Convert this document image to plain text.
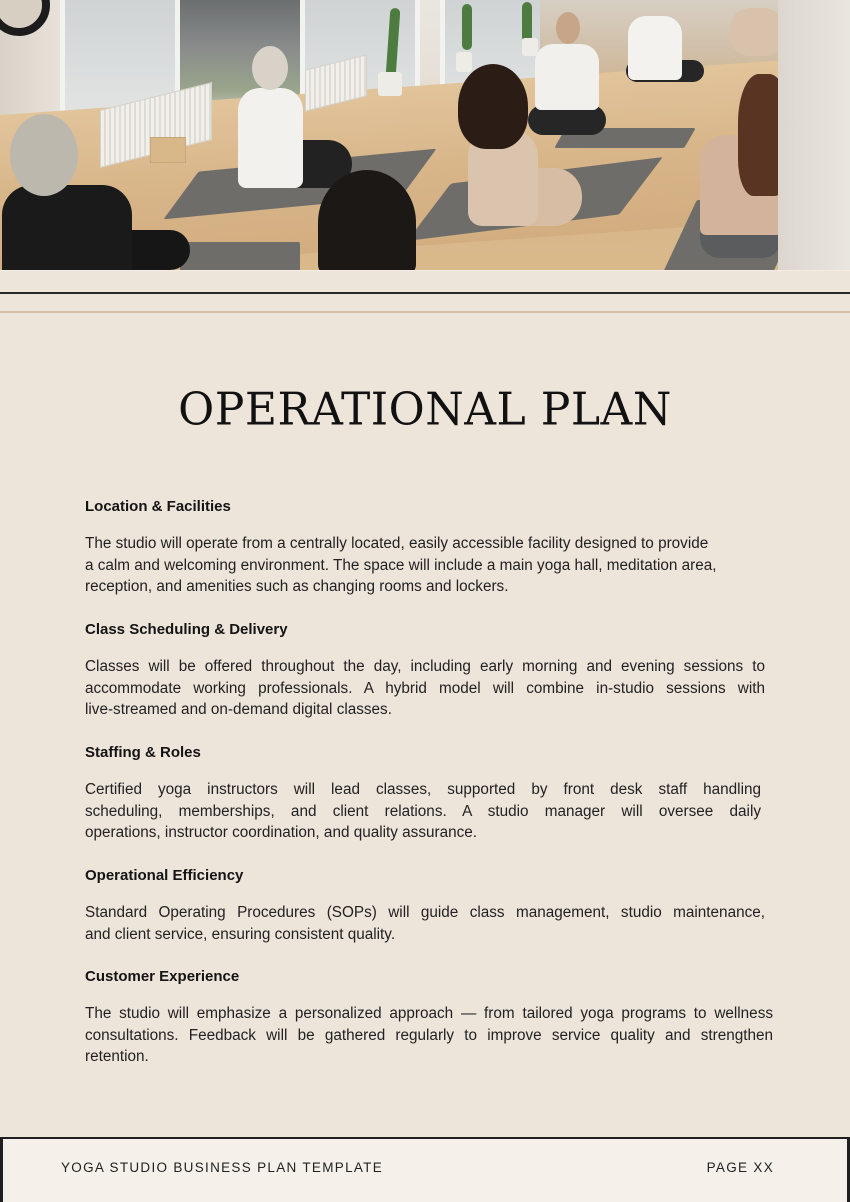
OPERATIONAL PLAN
Location & Facilities

The studio will operate from a centrally located, easily accessible facility designed to provide
a calm and welcoming environment. The space will include a main yoga hall, meditation area,
reception, and amenities such as changing rooms and lockers.

Class Scheduling & Delivery

Classes will be offered throughout the day, including early morning and evening sessions to
accommodate working professionals. A hybrid model will combine in-studio sessions with
live-streamed and on-demand digital classes.

Staffing & Roles

Certified yoga instructors will lead classes, supported by front desk staff handling
scheduling, memberships, and client relations. A studio manager will oversee daily
operations, instructor coordination, and quality assurance.

Operational Efficiency

Standard Operating Procedures (SOPs) will guide class management, studio maintenance,
and client service, ensuring consistent quality.

Customer Experience

The studio will emphasize a personalized approach — from tailored yoga programs to wellness
consultations. Feedback will be gathered regularly to improve service quality and strengthen
retention.

YOGA STUDIO BUSINESS PLAN TEMPLATE	PAGE XX
